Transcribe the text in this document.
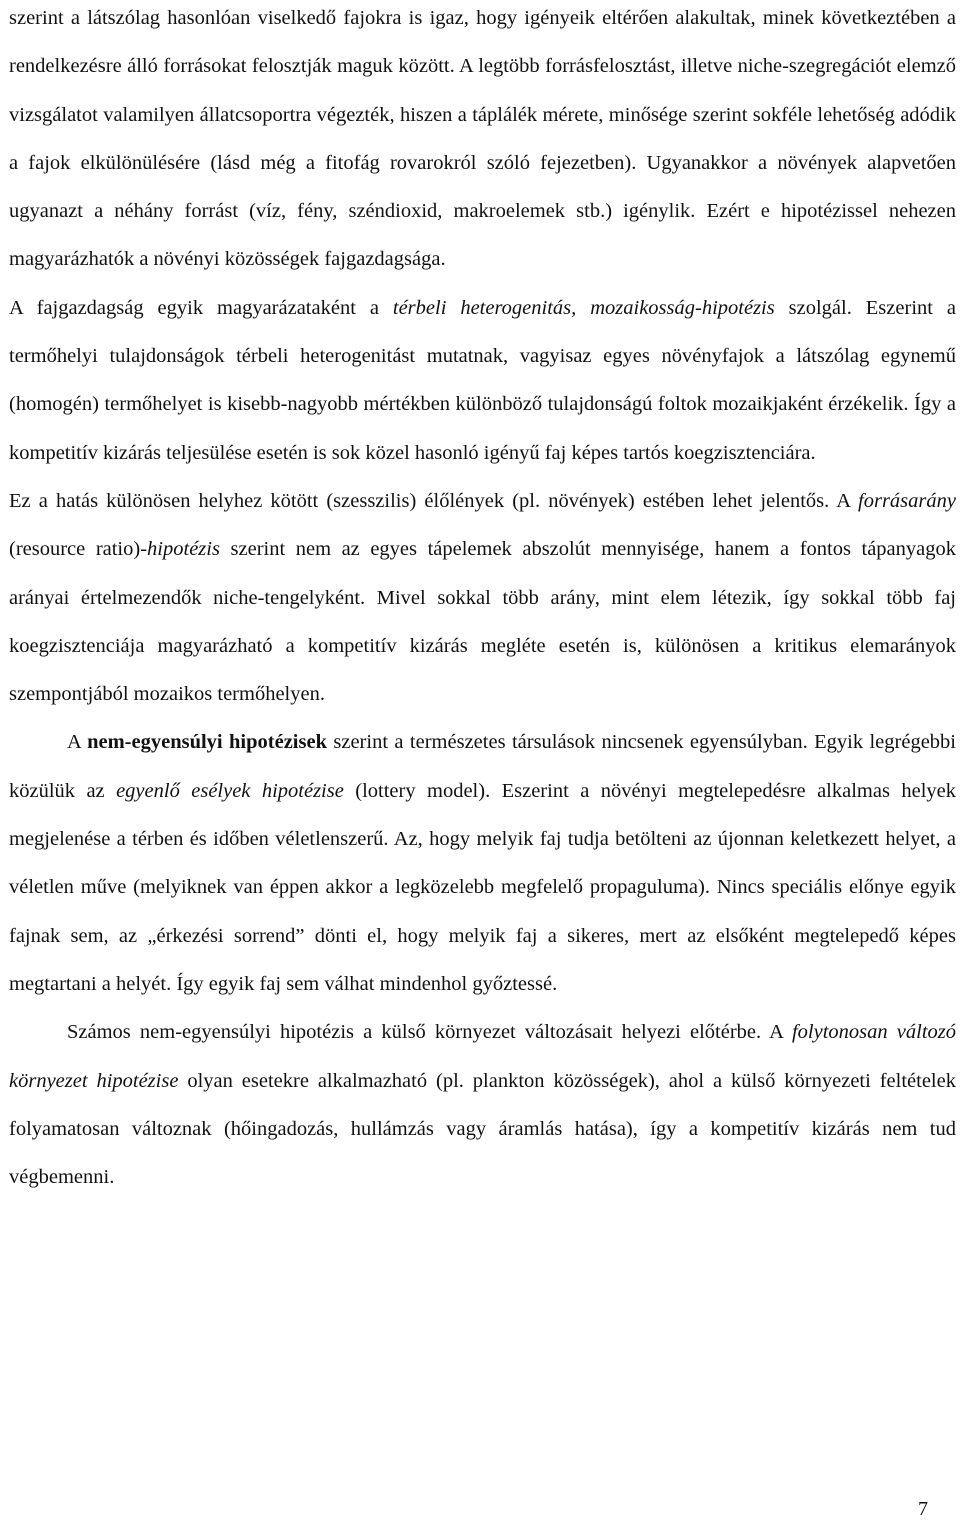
szerint a látszólag hasonlóan viselkedő fajokra is igaz, hogy igényeik eltérően alakultak, minek következtében a rendelkezésre álló forrásokat felosztják maguk között. A legtöbb forrásfelosztást, illetve niche-szegregációt elemző vizsgálatot valamilyen állatcsoportra végezték, hiszen a táplálék mérete, minősége szerint sokféle lehetőség adódik a fajok elkülönülésére (lásd még a fitofág rovarokról szóló fejezetben). Ugyanakkor a növények alapvetően ugyanazt a néhány forrást (víz, fény, széndioxid, makroelemek stb.) igénylik. Ezért e hipotézissel nehezen magyarázhatók a növényi közösségek fajgazdagsága.

A fajgazdagság egyik magyarázataként a térbeli heterogenitás, mozaikosság-hipotézis szolgál. Eszerint a termőhelyi tulajdonságok térbeli heterogenitást mutatnak, vagyisaz egyes növényfajok a látszólag egynemű (homogén) termőhelyet is kisebb-nagyobb mértékben különböző tulajdonságú foltok mozaikjaként érzékelik. Így a kompetitív kizárás teljesülése esetén is sok közel hasonló igényű faj képes tartós koegzisztenciára.

Ez a hatás különösen helyhez kötött (szesszilis) élőlények (pl. növények) estében lehet jelentős. A forrásarány (resource ratio)-hipotézis szerint nem az egyes tápelemek abszolút mennyisége, hanem a fontos tápanyagok arányai értelmezendők niche-tengelyként. Mivel sokkal több arány, mint elem létezik, így sokkal több faj koegzisztenciája magyarázható a kompetitív kizárás megléte esetén is, különösen a kritikus elemarányok szempontjából mozaikos termőhelyen.

A nem-egyensúlyi hipotézisek szerint a természetes társulások nincsenek egyensúlyban. Egyik legrégebbi közülük az egyenlő esélyek hipotézise (lottery model). Eszerint a növényi megtelepedésre alkalmas helyek megjelenése a térben és időben véletlenszerű. Az, hogy melyik faj tudja betölteni az újonnan keletkezett helyet, a véletlen műve (melyiknek van éppen akkor a legközelebb megfelelő propaguluma). Nincs speciális előnye egyik fajnak sem, az „érkezési sorrend” dönti el, hogy melyik faj a sikeres, mert az elsőként megtelepedő képes megtartani a helyét. Így egyik faj sem válhat mindenhol győztessé.

Számos nem-egyensúlyi hipotézis a külső környezet változásait helyezi előtérbe. A folytonosan változó környezet hipotézise olyan esetekre alkalmazható (pl. plankton közösségek), ahol a külső környezeti feltételek folyamatosan változnak (hőingadozás, hullámzás vagy áramlás hatása), így a kompetitív kizárás nem tud végbemenni.

7
